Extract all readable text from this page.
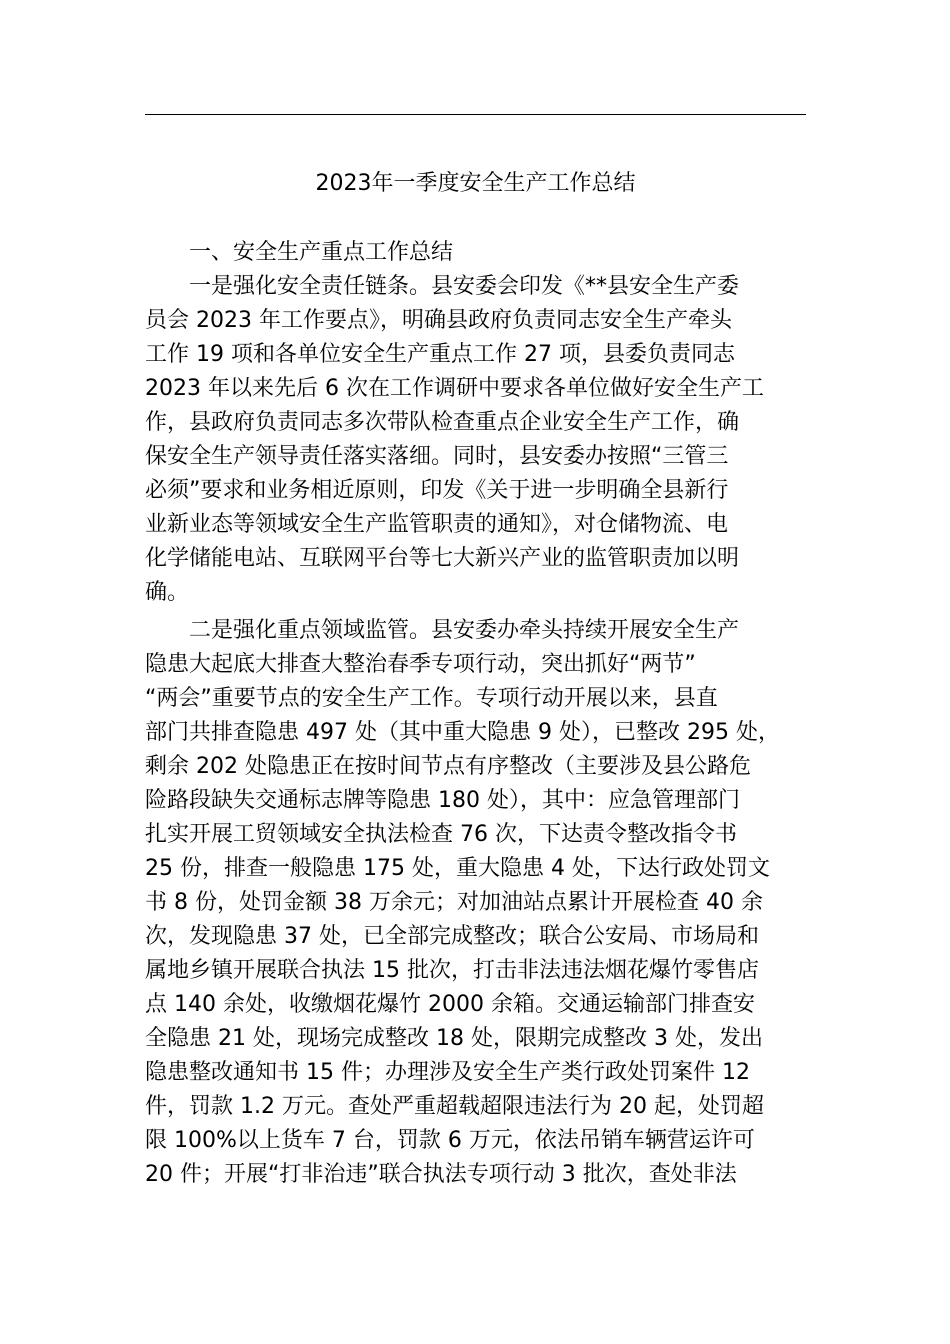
2023年一季度安全生产工作总结

一、安全生产重点工作总结

一是强化安全责任链条。县安委会印发《**县安全生产委

员会 2023 年工作要点》，明确县政府负责同志安全生产牵头

工作 19 项和各单位安全生产重点工作 27 项，县委负责同志

2023 年以来先后 6 次在工作调研中要求各单位做好安全生产工

作，县政府负责同志多次带队检查重点企业安全生产工作，确

保安全生产领导责任落实落细。同时，县安委办按照“三管三

必须”要求和业务相近原则，印发《关于进一步明确全县新行

业新业态等领域安全生产监管职责的通知》，对仓储物流、电

化学储能电站、互联网平台等七大新兴产业的监管职责加以明

确。

二是强化重点领域监管。县安委办牵头持续开展安全生产

隐患大起底大排查大整治春季专项行动，突出抓好“两节”

“两会”重要节点的安全生产工作。专项行动开展以来，县直

部门共排查隐患 497 处（其中重大隐患 9 处），已整改 295 处，

剩余 202 处隐患正在按时间节点有序整改（主要涉及县公路危

险路段缺失交通标志牌等隐患 180 处），其中：应急管理部门

扎实开展工贸领域安全执法检查 76 次，下达责令整改指令书

25 份，排查一般隐患 175 处，重大隐患 4 处，下达行政处罚文

书 8 份，处罚金额 38 万余元；对加油站点累计开展检查 40 余

次，发现隐患 37 处，已全部完成整改；联合公安局、市场局和

属地乡镇开展联合执法 15 批次，打击非法违法烟花爆竹零售店

点 140 余处，收缴烟花爆竹 2000 余箱。交通运输部门排查安

全隐患 21 处，现场完成整改 18 处，限期完成整改 3 处，发出

隐患整改通知书 15 件；办理涉及安全生产类行政处罚案件 12

件，罚款 1.2 万元。查处严重超载超限违法行为 20 起，处罚超

限 100%以上货车 7 台，罚款 6 万元，依法吊销车辆营运许可

20 件；开展“打非治违”联合执法专项行动 3 批次，查处非法
